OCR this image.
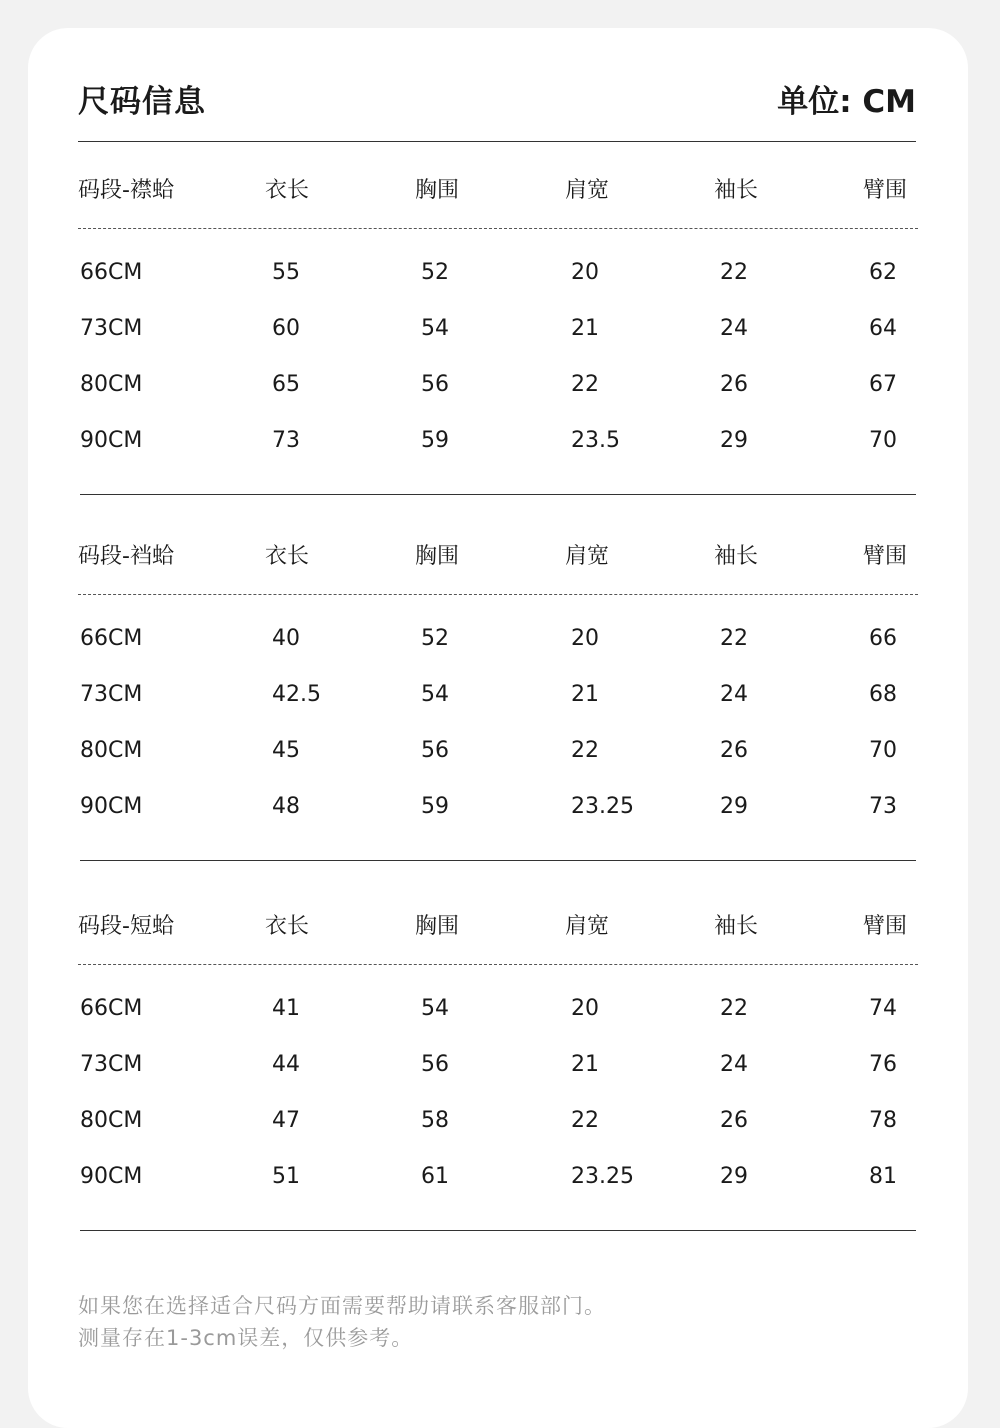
尺码信息	单位: CM
码段-襟蛤	衣长	胸围	肩宽	袖长	臂围
66CM	55	52	20	22	62
73CM	60	54	21	24	64
80CM	65	56	22	26	67
90CM	73	59	23.5	29	70
码段-裆蛤	衣长	胸围	肩宽	袖长	臂围
66CM	40	52	20	22	66
73CM	42.5	54	21	24	68
80CM	45	56	22	26	70
90CM	48	59	23.25	29	73
码段-短蛤	衣长	胸围	肩宽	袖长	臂围
66CM	41	54	20	22	74
73CM	44	56	21	24	76
80CM	47	58	22	26	78
90CM	51	61	23.25	29	81
如果您在选择适合尺码方面需要帮助请联系客服部门。
测量存在1-3cm误差，仅供参考。
